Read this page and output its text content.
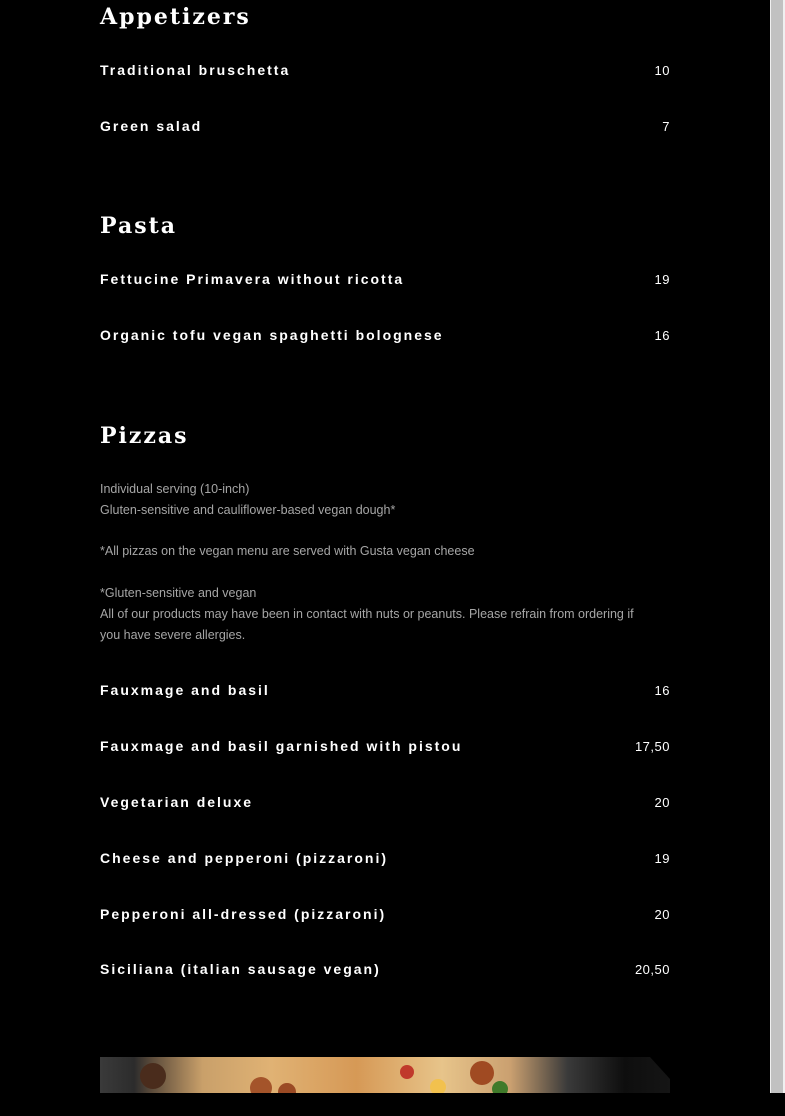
Appetizers
Traditional bruschetta	10
Green salad	7
Pasta
Fettucine Primavera without ricotta	19
Organic tofu vegan spaghetti bolognese	16
Pizzas
Individual serving (10-inch)
Gluten-sensitive and cauliflower-based vegan dough*
*All pizzas on the vegan menu are served with Gusta vegan cheese
*Gluten-sensitive and vegan
All of our products may have been in contact with nuts or peanuts. Please refrain from ordering if
you have severe allergies.
Fauxmage and basil	16
Fauxmage and basil garnished with pistou	17,50
Vegetarian deluxe	20
Cheese and pepperoni (pizzaroni)	19
Pepperoni all-dressed (pizzaroni)	20
Siciliana (italian sausage vegan)	20,50
